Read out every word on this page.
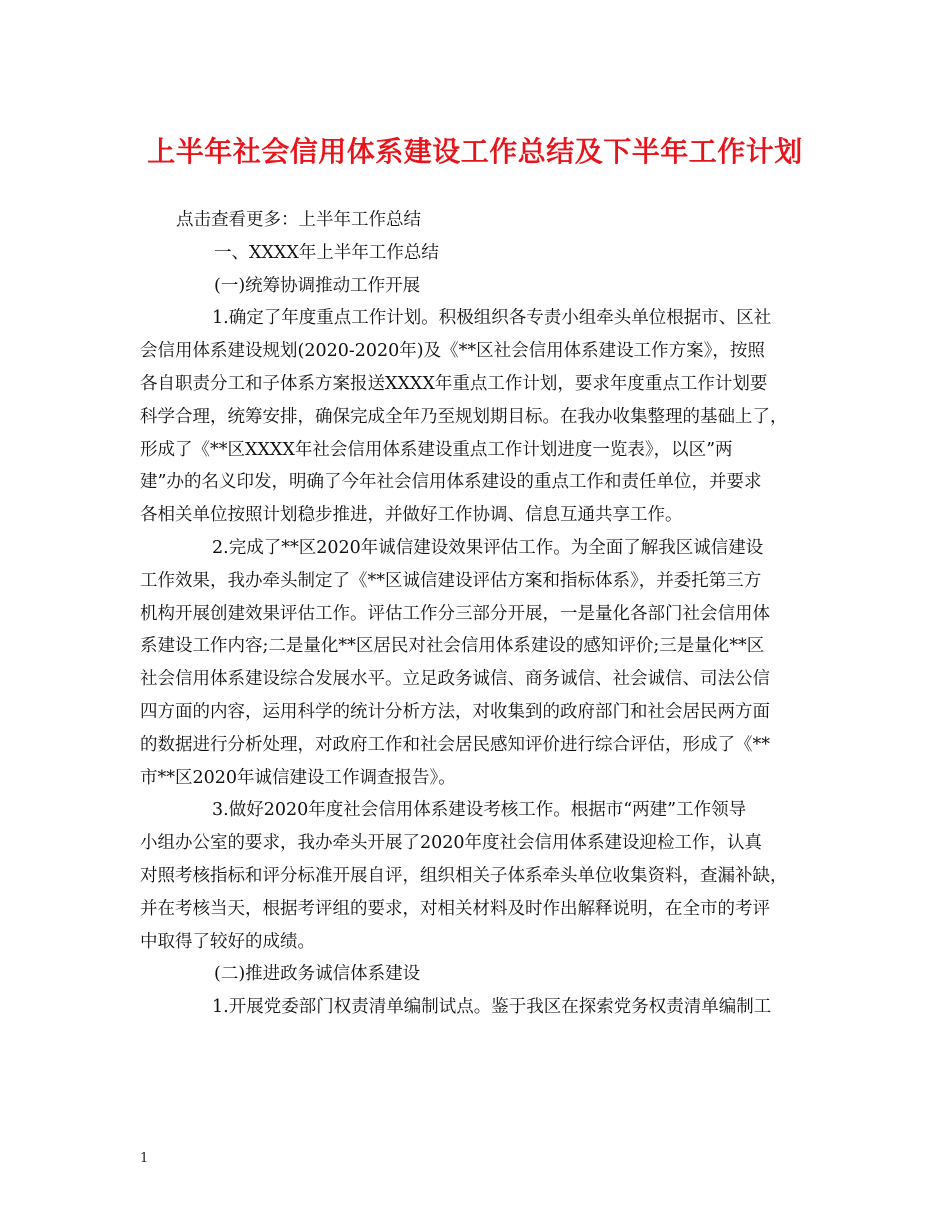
上半年社会信用体系建设工作总结及下半年工作计划
点击查看更多：上半年工作总结
一、XXXX年上半年工作总结
(一)统筹协调推动工作开展
1.确定了年度重点工作计划。积极组织各专责小组牵头单位根据市、区社
会信用体系建设规划(2020-2020年)及《**区社会信用体系建设工作方案》，按照
各自职责分工和子体系方案报送XXXX年重点工作计划，要求年度重点工作计划要
科学合理，统筹安排，确保完成全年乃至规划期目标。在我办收集整理的基础上了，
形成了《**区XXXX年社会信用体系建设重点工作计划进度一览表》，以区”两
建”办的名义印发，明确了今年社会信用体系建设的重点工作和责任单位，并要求
各相关单位按照计划稳步推进，并做好工作协调、信息互通共享工作。
2.完成了**区2020年诚信建设效果评估工作。为全面了解我区诚信建设
工作效果，我办牵头制定了《**区诚信建设评估方案和指标体系》，并委托第三方
机构开展创建效果评估工作。评估工作分三部分开展，一是量化各部门社会信用体
系建设工作内容;二是量化**区居民对社会信用体系建设的感知评价;三是量化**区
社会信用体系建设综合发展水平。立足政务诚信、商务诚信、社会诚信、司法公信
四方面的内容，运用科学的统计分析方法，对收集到的政府部门和社会居民两方面
的数据进行分析处理，对政府工作和社会居民感知评价进行综合评估，形成了《**
市**区2020年诚信建设工作调查报告》。
3.做好2020年度社会信用体系建设考核工作。根据市“两建”工作领导
小组办公室的要求，我办牵头开展了2020年度社会信用体系建设迎检工作，认真
对照考核指标和评分标准开展自评，组织相关子体系牵头单位收集资料，查漏补缺，
并在考核当天，根据考评组的要求，对相关材料及时作出解释说明，在全市的考评
中取得了较好的成绩。
(二)推进政务诚信体系建设
1.开展党委部门权责清单编制试点。鉴于我区在探索党务权责清单编制工
1
